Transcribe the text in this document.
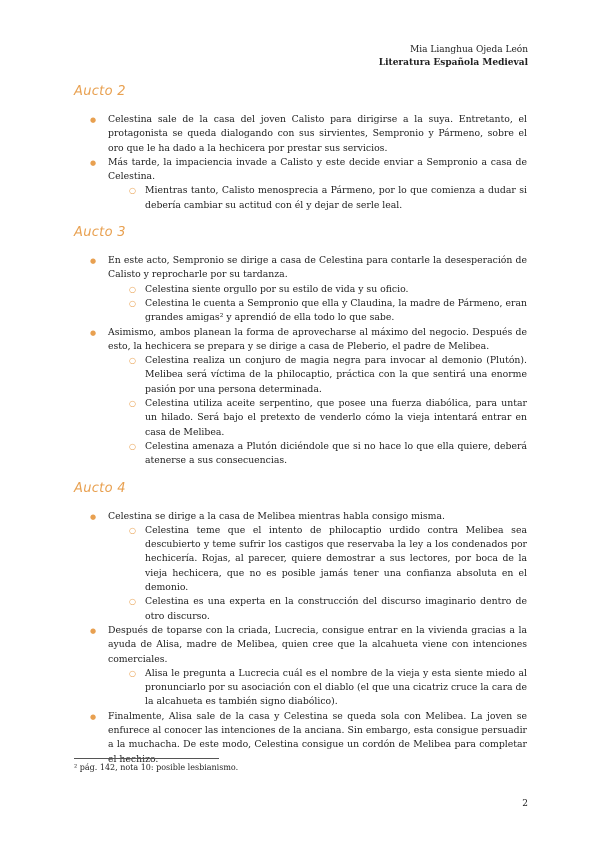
Mia Lianghua Ojeda León
Literatura Española Medieval
Aucto 2
● Celestina sale de la casa del joven Calisto para dirigirse a la suya. Entretanto, el protagonista se queda dialogando con sus sirvientes, Sempronio y Pármeno, sobre el oro que le ha dado a la hechicera por prestar sus servicios.
● Más tarde, la impaciencia invade a Calisto y este decide enviar a Sempronio a casa de Celestina.
○ Mientras tanto, Calisto menosprecia a Pármeno, por lo que comienza a dudar si debería cambiar su actitud con él y dejar de serle leal.
Aucto 3
● En este acto, Sempronio se dirige a casa de Celestina para contarle la desesperación de Calisto y reprocharle por su tardanza.
○ Celestina siente orgullo por su estilo de vida y su oficio.
○ Celestina le cuenta a Sempronio que ella y Claudina, la madre de Pármeno, eran grandes amigas² y aprendió de ella todo lo que sabe.
● Asimismo, ambos planean la forma de aprovecharse al máximo del negocio. Después de esto, la hechicera se prepara y se dirige a casa de Pleberio, el padre de Melibea.
○ Celestina realiza un conjuro de magia negra para invocar al demonio (Plutón). Melibea será víctima de la philocaptio, práctica con la que sentirá una enorme pasión por una persona determinada.
○ Celestina utiliza aceite serpentino, que posee una fuerza diabólica, para untar un hilado. Será bajo el pretexto de venderlo cómo la vieja intentará entrar en casa de Melibea.
○ Celestina amenaza a Plutón diciéndole que si no hace lo que ella quiere, deberá atenerse a sus consecuencias.
Aucto 4
● Celestina se dirige a la casa de Melibea mientras habla consigo misma.
○ Celestina teme que el intento de philocaptio urdido contra Melibea sea descubierto y teme sufrir los castigos que reservaba la ley a los condenados por hechicería. Rojas, al parecer, quiere demostrar a sus lectores, por boca de la vieja hechicera, que no es posible jamás tener una confianza absoluta en el demonio.
○ Celestina es una experta en la construcción del discurso imaginario dentro de otro discurso.
● Después de toparse con la criada, Lucrecia, consigue entrar en la vivienda gracias a la ayuda de Alisa, madre de Melibea, quien cree que la alcahueta viene con intenciones comerciales.
○ Alisa le pregunta a Lucrecia cuál es el nombre de la vieja y esta siente miedo al pronunciarlo por su asociación con el diablo (el que una cicatriz cruce la cara de la alcahueta es también signo diabólico).
● Finalmente, Alisa sale de la casa y Celestina se queda sola con Melibea. La joven se enfurece al conocer las intenciones de la anciana. Sin embargo, esta consigue persuadir a la muchacha. De este modo, Celestina consigue un cordón de Melibea para completar el hechizo.
² pág. 142, nota 10: posible lesbianismo.
2
